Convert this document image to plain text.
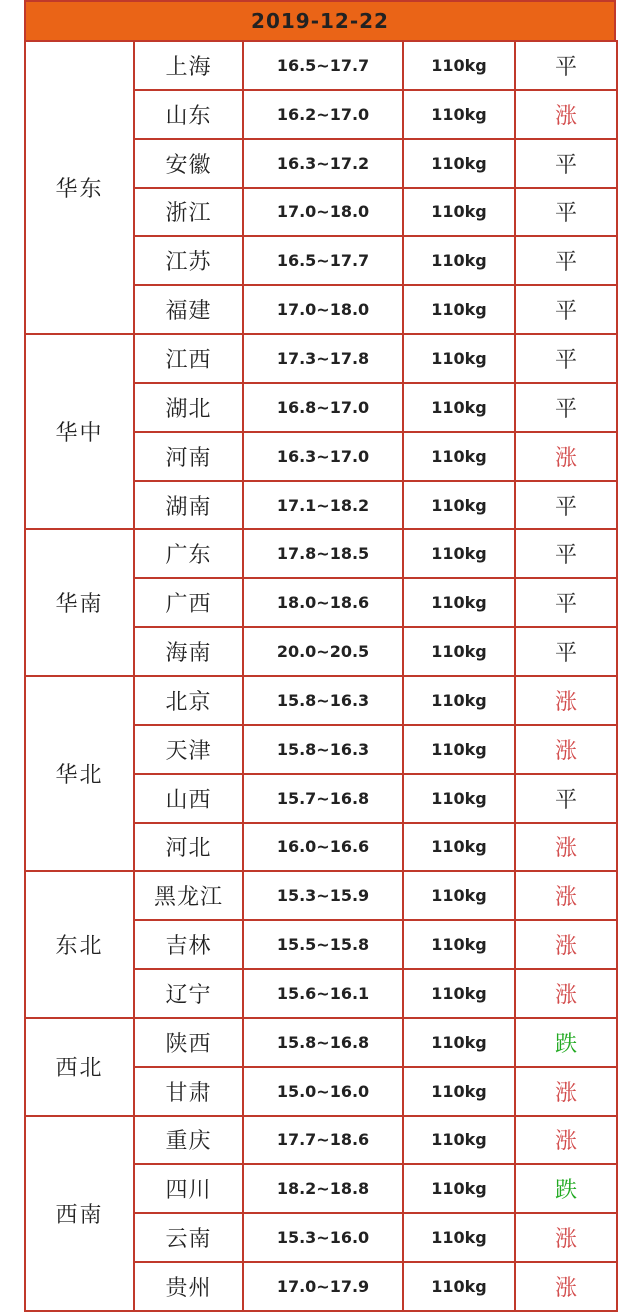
2019-12-22
华东	上海	16.5~17.7	110kg	平
	山东	16.2~17.0	110kg	涨
	安徽	16.3~17.2	110kg	平
	浙江	17.0~18.0	110kg	平
	江苏	16.5~17.7	110kg	平
	福建	17.0~18.0	110kg	平
华中	江西	17.3~17.8	110kg	平
	湖北	16.8~17.0	110kg	平
	河南	16.3~17.0	110kg	涨
	湖南	17.1~18.2	110kg	平
华南	广东	17.8~18.5	110kg	平
	广西	18.0~18.6	110kg	平
	海南	20.0~20.5	110kg	平
华北	北京	15.8~16.3	110kg	涨
	天津	15.8~16.3	110kg	涨
	山西	15.7~16.8	110kg	平
	河北	16.0~16.6	110kg	涨
东北	黑龙江	15.3~15.9	110kg	涨
	吉林	15.5~15.8	110kg	涨
	辽宁	15.6~16.1	110kg	涨
西北	陕西	15.8~16.8	110kg	跌
	甘肃	15.0~16.0	110kg	涨
西南	重庆	17.7~18.6	110kg	涨
	四川	18.2~18.8	110kg	跌
	云南	15.3~16.0	110kg	涨
	贵州	17.0~17.9	110kg	涨
